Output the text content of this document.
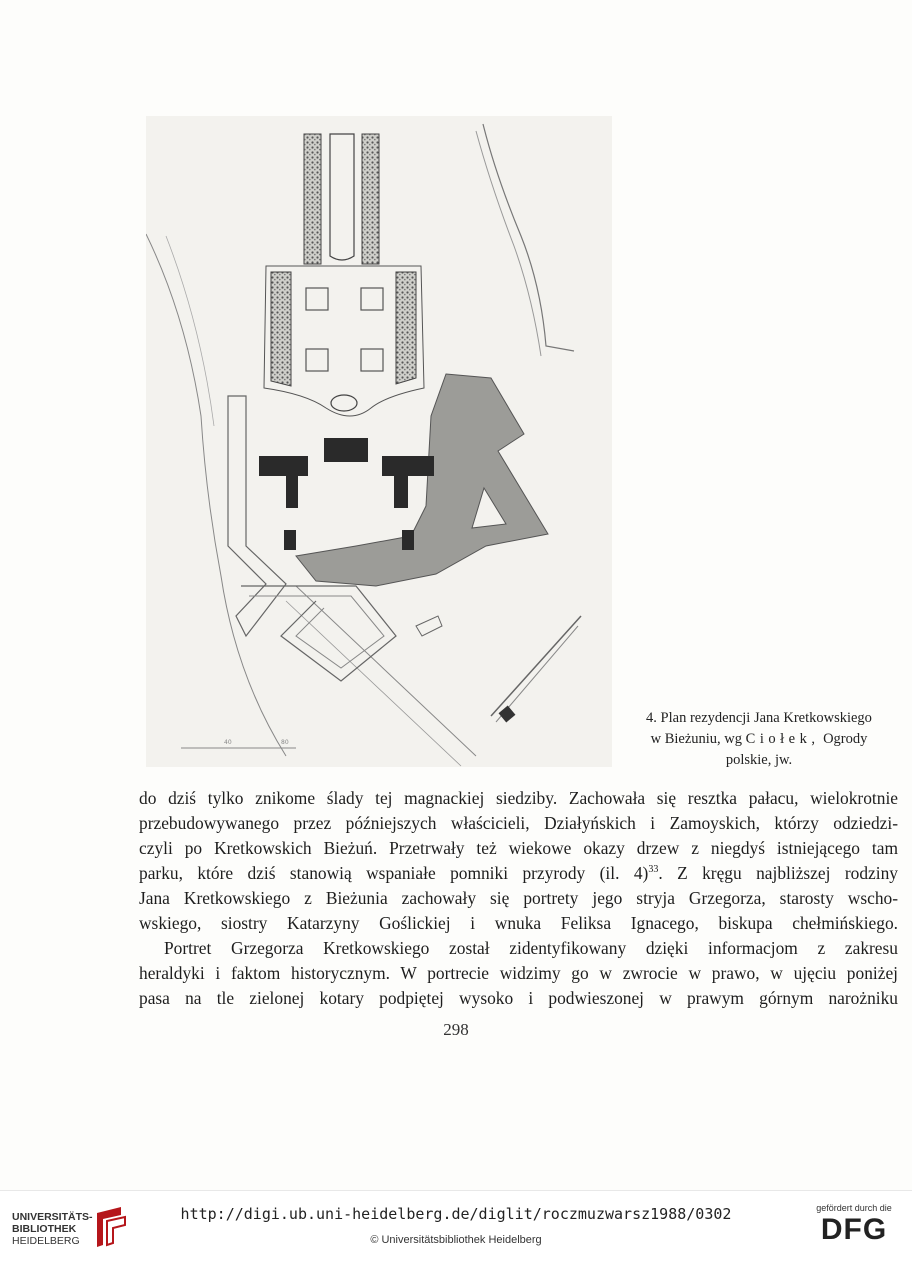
40	80
4. Plan rezydencji Jana Kretkowskiego
w Bieżuniu, wg Ciołek, Ogrody
polskie, jw.
do dziś tylko znikome ślady tej magnackiej siedziby. Zachowała się resztka pałacu, wielokrotnie
przebudowywanego przez późniejszych właścicieli, Działyńskich i Zamoyskich, którzy odziedzi-
czyli po Kretkowskich Bieżuń. Przetrwały też wiekowe okazy drzew z niegdyś istniejącego tam
parku, które dziś stanowią wspaniałe pomniki przyrody (il. 4)$^{33}$. Z kręgu najbliższej rodziny
Jana Kretkowskiego z Bieżunia zachowały się portrety jego stryja Grzegorza, starosty wscho-
wskiego, siostry Katarzyny Goślickiej i wnuka Feliksa Ignacego, biskupa chełmińskiego.
Portret Grzegorza Kretkowskiego został zidentyfikowany dzięki informacjom z zakresu
heraldyki i faktom historycznym. W portrecie widzimy go w zwrocie w prawo, w ujęciu poniżej
pasa na tle zielonej kotary podpiętej wysoko i podwieszonej w prawym górnym narożniku
298
UNIVERSITÄTS-
BIBLIOTHEK
HEIDELBERG
http://digi.ub.uni-heidelberg.de/diglit/roczmuzwarsz1988/0302
© Universitätsbibliothek Heidelberg
gefördert durch die
DFG
